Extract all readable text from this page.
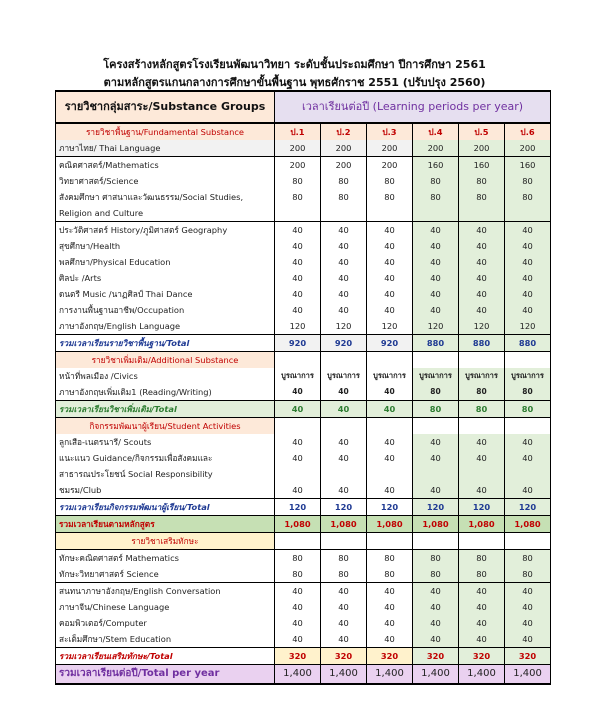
โครงสร้างหลักสูตรโรงเรียนพัฒนาวิทยา ระดับชั้นประถมศึกษา ปีการศึกษา 2561
ตามหลักสูตรแกนกลางการศึกษาขั้นพื้นฐาน พุทธศักราช 2551 (ปรับปรุง 2560)
รายวิชากลุ่มสาระ/Substance Groups	เวลาเรียนต่อปี (Learning periods per year)					
รายวิชาพื้นฐาน/Fundamental Substance	ป.1	ป.2	ป.3	ป.4	ป.5	ป.6
ภาษาไทย/ Thai Language	200	200	200	200	200	200
คณิตศาสตร์/Mathematics	200	200	200	160	160	160
วิทยาศาสตร์/Science	80	80	80	80	80	80
สังคมศึกษา ศาสนาและวัฒนธรรม/Social Studies,	80	80	80	80	80	80
Religion and Culture						
ประวัติศาสตร์ History/ภูมิศาสตร์ Geography	40	40	40	40	40	40
สุขศึกษา/Health	40	40	40	40	40	40
พลศึกษา/Physical Education	40	40	40	40	40	40
ศิลปะ /Arts	40	40	40	40	40	40
ดนตรี Music /นาฏศิลป์ Thai Dance	40	40	40	40	40	40
การงานพื้นฐานอาชีพ/Occupation	40	40	40	40	40	40
ภาษาอังกฤษ/English Language	120	120	120	120	120	120
รวมเวลาเรียนรายวิชาพื้นฐาน/Total	920	920	920	880	880	880
รายวิชาเพิ่มเติม/Additional Substance						
หน้าที่พลเมือง /Civics	บูรณาการ	บูรณาการ	บูรณาการ	บูรณาการ	บูรณาการ	บูรณาการ
ภาษาอังกฤษเพิ่มเติม1 (Reading/Writing)	40	40	40	80	80	80
รวมเวลาเรียนวิชาเพิ่มเติม/Total	40	40	40	80	80	80
กิจกรรมพัฒนาผู้เรียน/Student Activities						
ลูกเสือ-เนตรนารี/ Scouts	40	40	40	40	40	40
แนะแนว Guidance/กิจกรรมเพื่อสังคมและ	40	40	40	40	40	40
สาธารณประโยชน์ Social Responsibility						
ชมรม/Club	40	40	40	40	40	40
รวมเวลาเรียนกิจกรรมพัฒนาผู้เรียน/Total	120	120	120	120	120	120
รวมเวลาเรียนตามหลักสูตร	1,080	1,080	1,080	1,080	1,080	1,080
รายวิชาเสริมทักษะ						
ทักษะคณิตศาสตร์ Mathematics	80	80	80	80	80	80
ทักษะวิทยาศาสตร์ Science	80	80	80	80	80	80
สนทนาภาษาอังกฤษ/English Conversation	40	40	40	40	40	40
ภาษาจีน/Chinese Language	40	40	40	40	40	40
คอมพิวเตอร์/Computer	40	40	40	40	40	40
สะเต็มศึกษา/Stem Education	40	40	40	40	40	40
รวมเวลาเรียนเสริมทักษะ/Total	320	320	320	320	320	320
รวมเวลาเรียนต่อปี/Total per year	1,400	1,400	1,400	1,400	1,400	1,400
